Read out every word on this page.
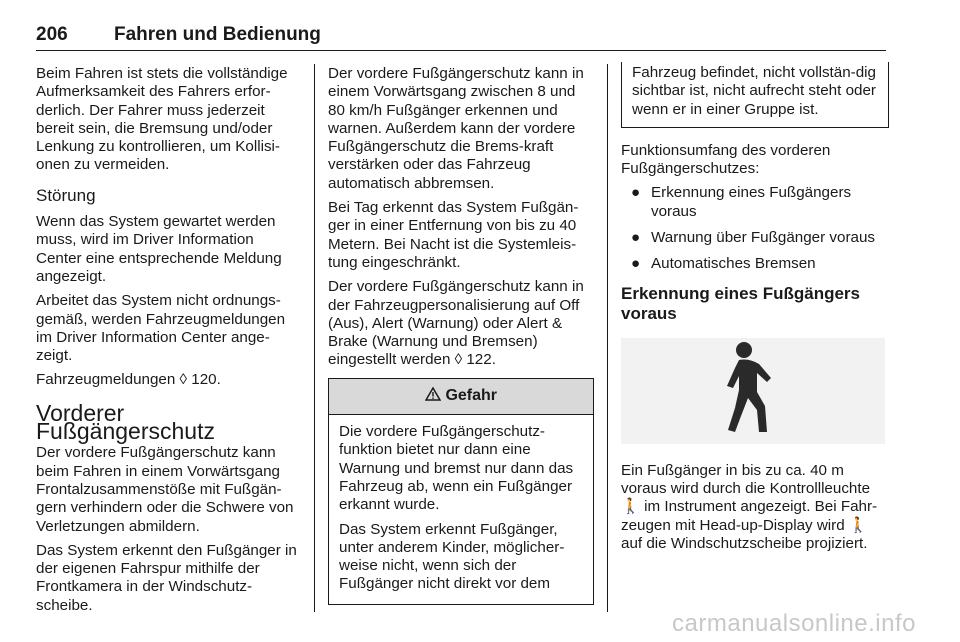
206 Fahren und Bedienung

Beim Fahren ist stets die vollständige Aufmerksamkeit des Fahrers erfor-derlich. Der Fahrer muss jederzeit bereit sein, die Bremsung und/oder Lenkung zu kontrollieren, um Kollisi-onen zu vermeiden.

Störung

Wenn das System gewartet werden muss, wird im Driver Information Center eine entsprechende Meldung angezeigt.

Arbeitet das System nicht ordnungs-gemäß, werden Fahrzeugmeldungen im Driver Information Center ange-zeigt.

Fahrzeugmeldungen ◊ 120.

Vorderer Fußgängerschutz

Der vordere Fußgängerschutz kann beim Fahren in einem Vorwärtsgang Frontalzusammenstöße mit Fußgän-gern verhindern oder die Schwere von Verletzungen abmildern.

Das System erkennt den Fußgänger in der eigenen Fahrspur mithilfe der Frontkamera in der Windschutz-scheibe.

Der vordere Fußgängerschutz kann in einem Vorwärtsgang zwischen 8 und 80 km/h Fußgänger erkennen und warnen. Außerdem kann der vordere Fußgängerschutz die Brems-kraft verstärken oder das Fahrzeug automatisch abbremsen.

Bei Tag erkennt das System Fußgän-ger in einer Entfernung von bis zu 40 Metern. Bei Nacht ist die Systemleis-tung eingeschränkt.

Der vordere Fußgängerschutz kann in der Fahrzeugpersonalisierung auf Off (Aus), Alert (Warnung) oder Alert & Brake (Warnung und Bremsen) eingestellt werden ◊ 122.

Gefahr

Die vordere Fußgängerschutz-funktion bietet nur dann eine Warnung und bremst nur dann das Fahrzeug ab, wenn ein Fußgänger erkannt wurde.

Das System erkennt Fußgänger, unter anderem Kinder, möglicher-weise nicht, wenn sich der Fußgänger nicht direkt vor dem

Fahrzeug befindet, nicht vollstän-dig sichtbar ist, nicht aufrecht steht oder wenn er in einer Gruppe ist.

Funktionsumfang des vorderen Fußgängerschutzes:

● Erkennung eines Fußgängers voraus
● Warnung über Fußgänger voraus
● Automatisches Bremsen
Erkennung eines Fußgängers voraus

Ein Fußgänger in bis zu ca. 40 m voraus wird durch die Kontrollleuchte 🚶 im Instrument angezeigt. Bei Fahr-zeugen mit Head-up-Display wird 🚶 auf die Windschutzscheibe projiziert.

carmanualsonline.info
